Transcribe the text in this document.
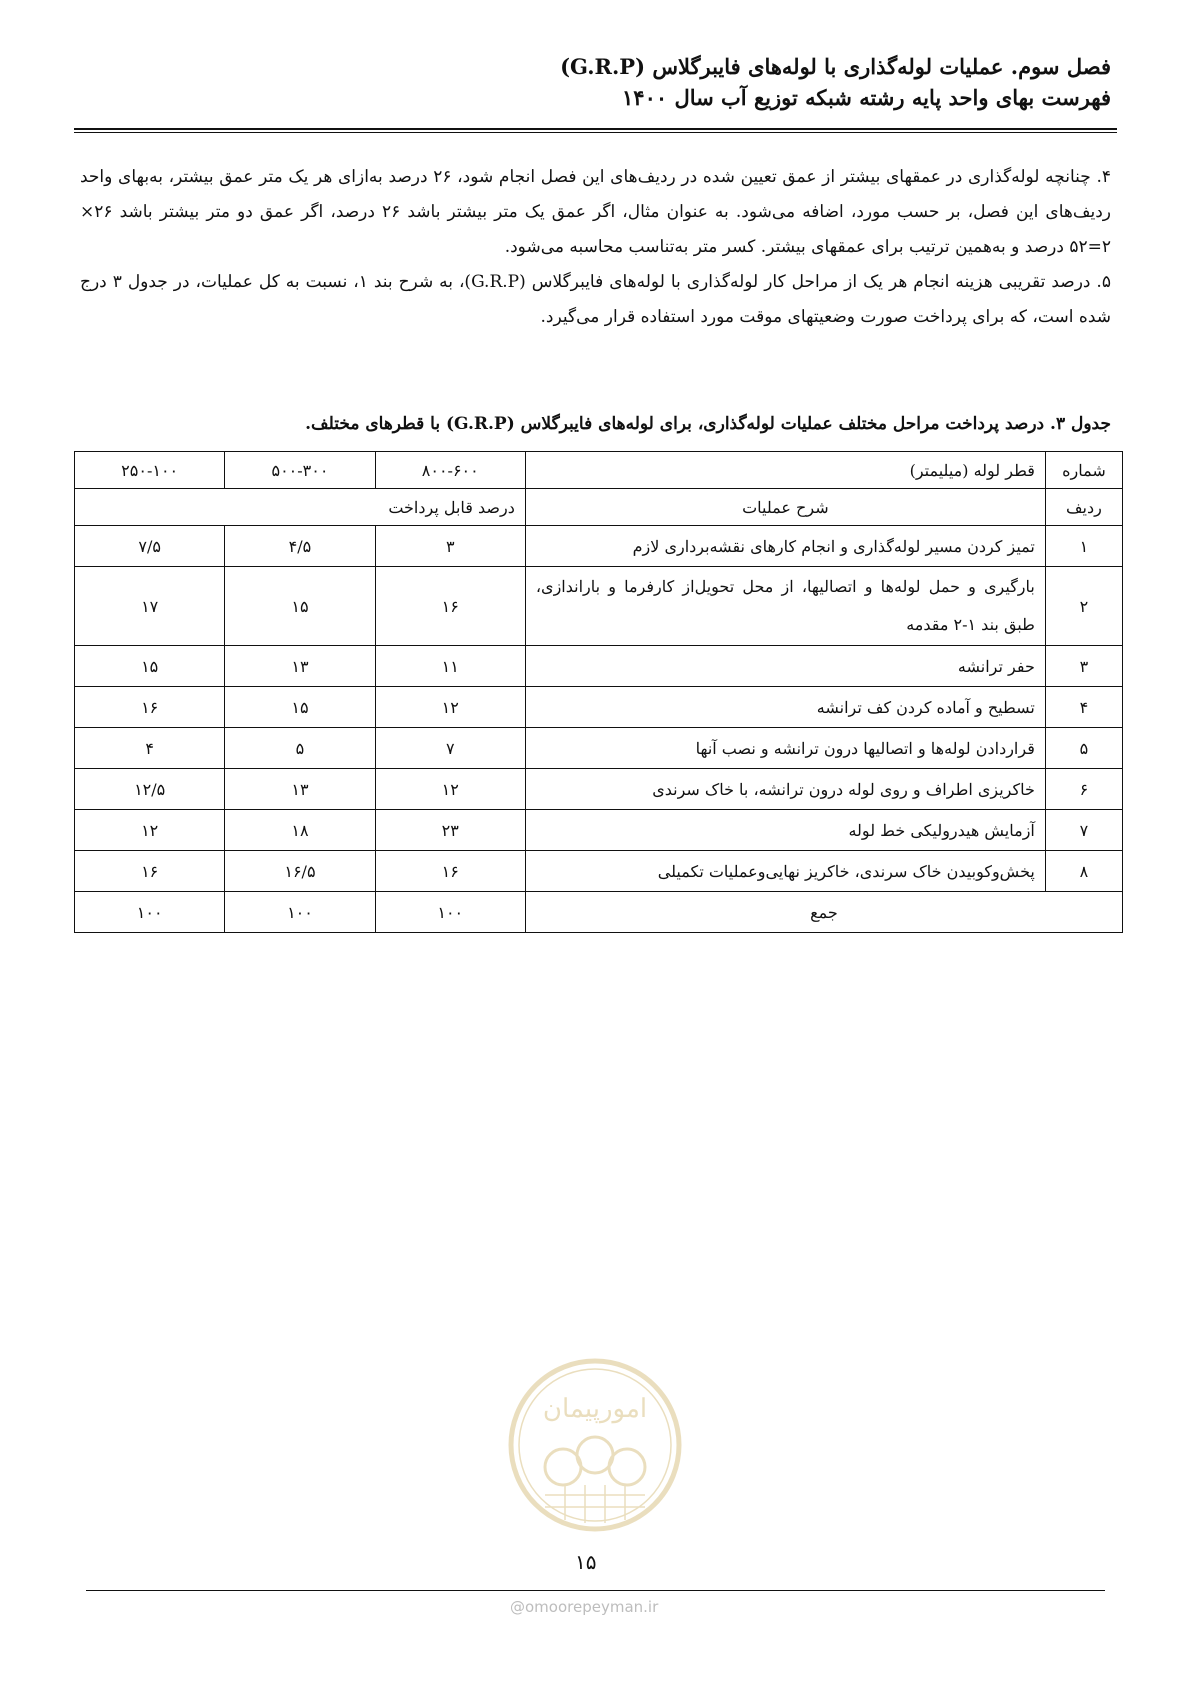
فصل سوم. عملیات لوله‌گذاری با لوله‌های فایبرگلاس (G.R.P)
فهرست بهای واحد پایه رشته شبکه توزیع آب سال ۱۴۰۰

۴. چنانچه لوله‌گذاری در عمقهای بیشتر از عمق تعیین شده در ردیف‌های این فصل انجام شود، ۲۶ درصد به‌ازای هر یک متر عمق بیشتر، به‌بهای واحد ردیف‌های این فصل، بر حسب مورد، اضافه می‌شود. به عنوان مثال، اگر عمق یک متر بیشتر باشد ۲۶ درصد، اگر عمق دو متر بیشتر باشد ۲۶× ۲=۵۲ درصد و به‌همین ترتیب برای عمقهای بیشتر. کسر متر به‌تناسب محاسبه می‌شود.

۵. درصد تقریبی هزینه انجام هر یک از مراحل کار لوله‌گذاری با لوله‌های فایبرگلاس (G.R.P)، به شرح بند ۱، نسبت به کل عملیات، در جدول ۳ درج شده است، که برای پرداخت صورت وضعیتهای موقت مورد استفاده قرار می‌گیرد.

جدول ۳. درصد پرداخت مراحل مختلف عملیات لوله‌گذاری، برای لوله‌های فایبرگلاس (G.R.P) با قطرهای مختلف.
شماره	قطر لوله (میلیمتر)	۸۰۰-۶۰۰	۵۰۰-۳۰۰	۲۵۰-۱۰۰
ردیف	شرح عملیات	درصد قابل پرداخت		
۱	تمیز کردن مسیر لوله‌گذاری و انجام کارهای نقشه‌برداری لازم	۳	۴/۵	۷/۵
۲	بارگیری و حمل لوله‌ها و اتصالیها، از محل تحویل‌از کارفرما و باراندازی، طبق بند ۱-۲ مقدمه	۱۶	۱۵	۱۷
۳	حفر ترانشه	۱۱	۱۳	۱۵
۴	تسطیح و آماده کردن کف ترانشه	۱۲	۱۵	۱۶
۵	قراردادن لوله‌ها و اتصالیها درون ترانشه و نصب آنها	۷	۵	۴
۶	خاکریزی اطراف و روی لوله درون ترانشه، با خاک سرندی	۱۲	۱۳	۱۲/۵
۷	آزمایش هیدرولیکی خط لوله	۲۳	۱۸	۱۲
۸	پخش‌وکوبیدن خاک سرندی، خاکریز نهایی‌وعملیات تکمیلی	۱۶	۱۶/۵	۱۶
جمع		۱۰۰	۱۰۰	۱۰۰
امورپیمان
۱۵
@omoorepeyman.ir
